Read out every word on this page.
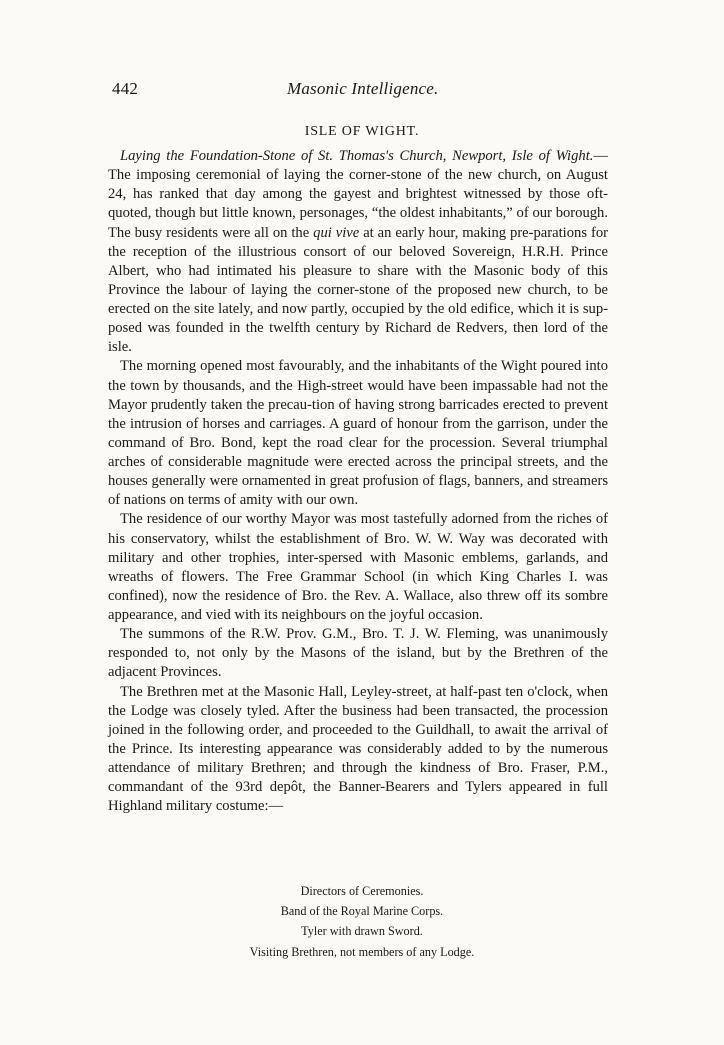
442	Masonic Intelligence.
ISLE OF WIGHT.

Laying the Foundation-Stone of St. Thomas's Church, Newport, Isle of Wight.—The imposing ceremonial of laying the corner-stone of the new church, on August 24, has ranked that day among the gayest and brightest witnessed by those oft-quoted, though but little known, personages, “the oldest inhabitants,” of our borough. The busy residents were all on the qui vive at an early hour, making pre-parations for the reception of the illustrious consort of our beloved Sovereign, H.R.H. Prince Albert, who had intimated his pleasure to share with the Masonic body of this Province the labour of laying the corner-stone of the proposed new church, to be erected on the site lately, and now partly, occupied by the old edifice, which it is sup-posed was founded in the twelfth century by Richard de Redvers, then lord of the isle.

The morning opened most favourably, and the inhabitants of the Wight poured into the town by thousands, and the High-street would have been impassable had not the Mayor prudently taken the precau-tion of having strong barricades erected to prevent the intrusion of horses and carriages. A guard of honour from the garrison, under the command of Bro. Bond, kept the road clear for the procession. Several triumphal arches of considerable magnitude were erected across the principal streets, and the houses generally were ornamented in great profusion of flags, banners, and streamers of nations on terms of amity with our own.

The residence of our worthy Mayor was most tastefully adorned from the riches of his conservatory, whilst the establishment of Bro. W. W. Way was decorated with military and other trophies, inter-spersed with Masonic emblems, garlands, and wreaths of flowers. The Free Grammar School (in which King Charles I. was confined), now the residence of Bro. the Rev. A. Wallace, also threw off its sombre appearance, and vied with its neighbours on the joyful occasion.

The summons of the R.W. Prov. G.M., Bro. T. J. W. Fleming, was unanimously responded to, not only by the Masons of the island, but by the Brethren of the adjacent Provinces.

The Brethren met at the Masonic Hall, Leyley-street, at half-past ten o'clock, when the Lodge was closely tyled. After the business had been transacted, the procession joined in the following order, and proceeded to the Guildhall, to await the arrival of the Prince. Its interesting appearance was considerably added to by the numerous attendance of military Brethren; and through the kindness of Bro. Fraser, P.M., commandant of the 93rd depôt, the Banner-Bearers and Tylers appeared in full Highland military costume:—

Directors of Ceremonies.
Band of the Royal Marine Corps.
Tyler with drawn Sword.
Visiting Brethren, not members of any Lodge.
